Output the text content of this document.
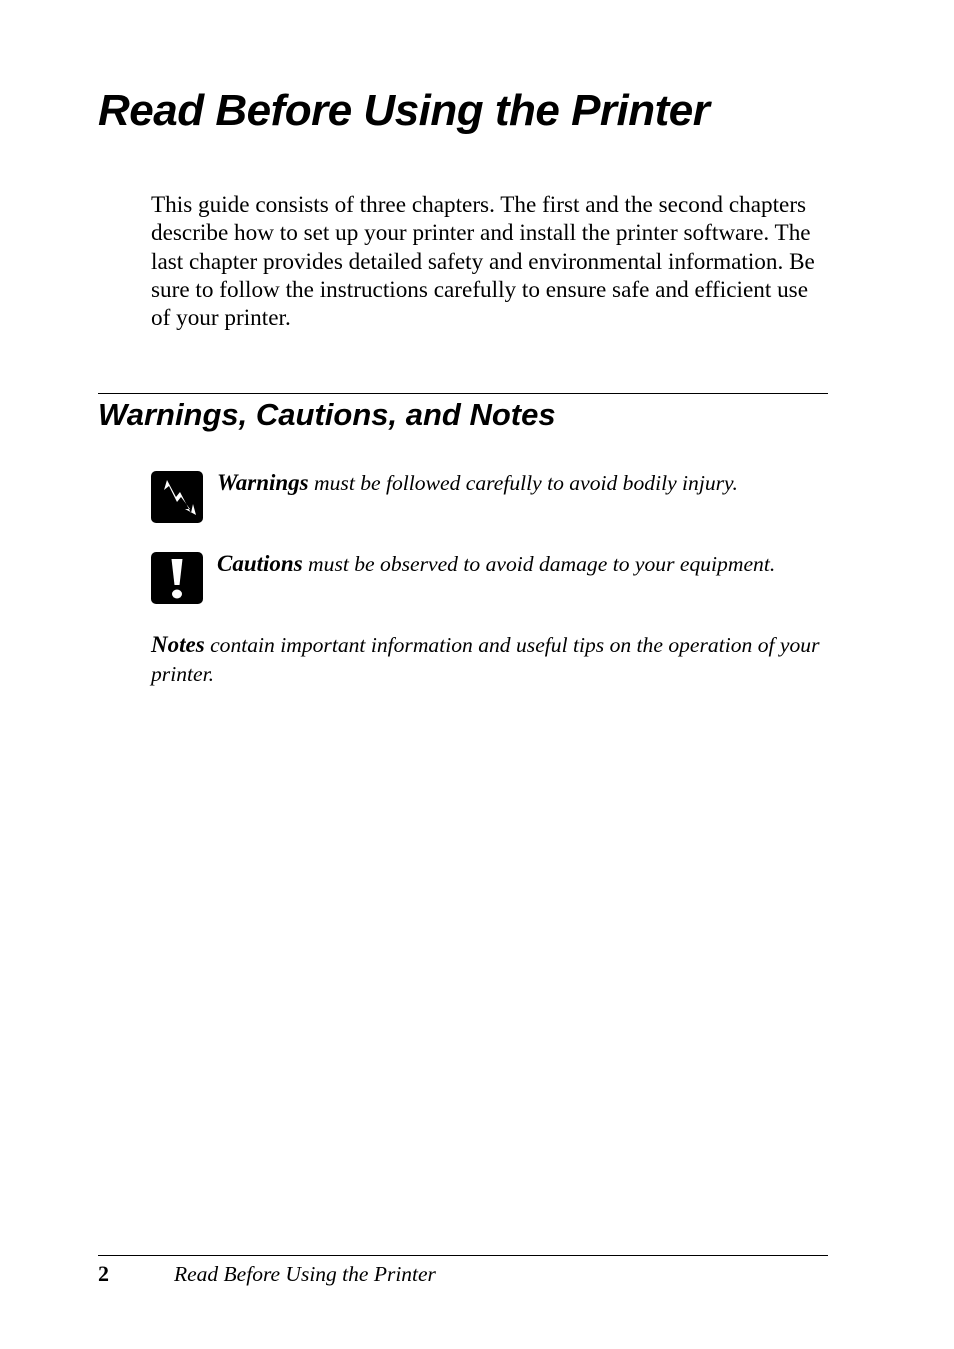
Read Before Using the Printer

This guide consists of three chapters. The first and the second chapters describe how to set up your printer and install the printer software. The last chapter provides detailed safety and environmental information. Be sure to follow the instructions carefully to ensure safe and efficient use of your printer.

Warnings, Cautions, and Notes

Warnings must be followed carefully to avoid bodily injury.

Cautions must be observed to avoid damage to your equipment.

Notes contain important information and useful tips on the operation of your printer.

2	Read Before Using the Printer
